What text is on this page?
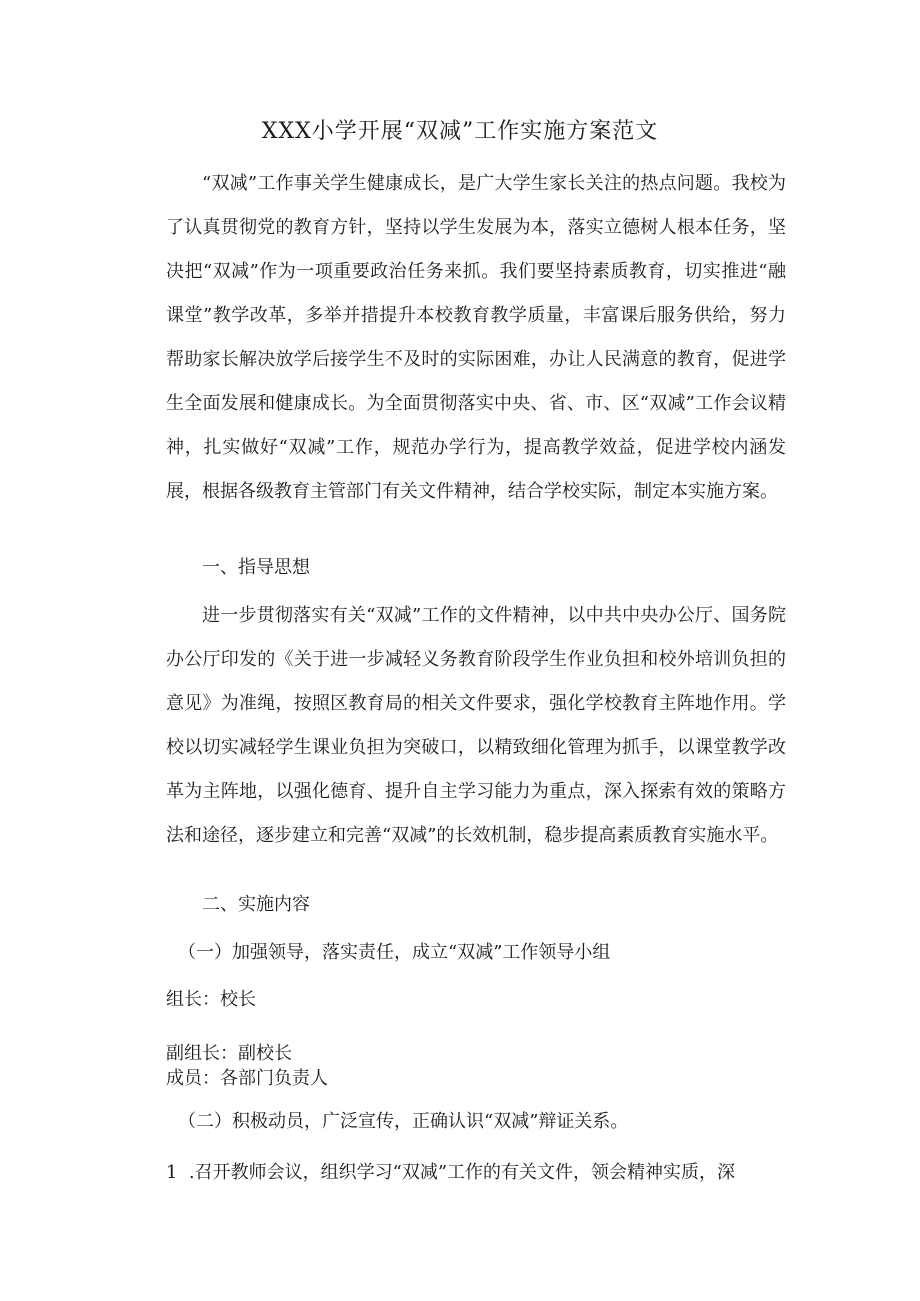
XXX小学开展“双减”工作实施方案范文
“双减”工作事关学生健康成长，是广大学生家长关注的热点问题。我校为了认真贯彻党的教育方针，坚持以学生发展为本，落实立德树人根本任务，坚决把“双减”作为一项重要政治任务来抓。我们要坚持素质教育，切实推进“融课堂”教学改革，多举并措提升本校教育教学质量，丰富课后服务供给，努力帮助家长解决放学后接学生不及时的实际困难，办让人民满意的教育，促进学生全面发展和健康成长。为全面贯彻落实中央、省、市、区“双减”工作会议精神，扎实做好“双减”工作，规范办学行为，提高教学效益，促进学校内涵发展，根据各级教育主管部门有关文件精神，结合学校实际，制定本实施方案。
一、指导思想
进一步贯彻落实有关“双减”工作的文件精神，以中共中央办公厅、国务院办公厅印发的《关于进一步减轻义务教育阶段学生作业负担和校外培训负担的意见》为准绳，按照区教育局的相关文件要求，强化学校教育主阵地作用。学校以切实减轻学生课业负担为突破口，以精致细化管理为抓手，以课堂教学改革为主阵地，以强化德育、提升自主学习能力为重点，深入探索有效的策略方法和途径，逐步建立和完善“双减”的长效机制，稳步提高素质教育实施水平。
二、实施内容
（一）加强领导，落实责任，成立“双减”工作领导小组
组长：校长
副组长：副校长
成员：各部门负责人
（二）积极动员，广泛宣传，正确认识“双减”辩证关系。
1  .召开教师会议，组织学习“双减”工作的有关文件，领会精神实质，深
